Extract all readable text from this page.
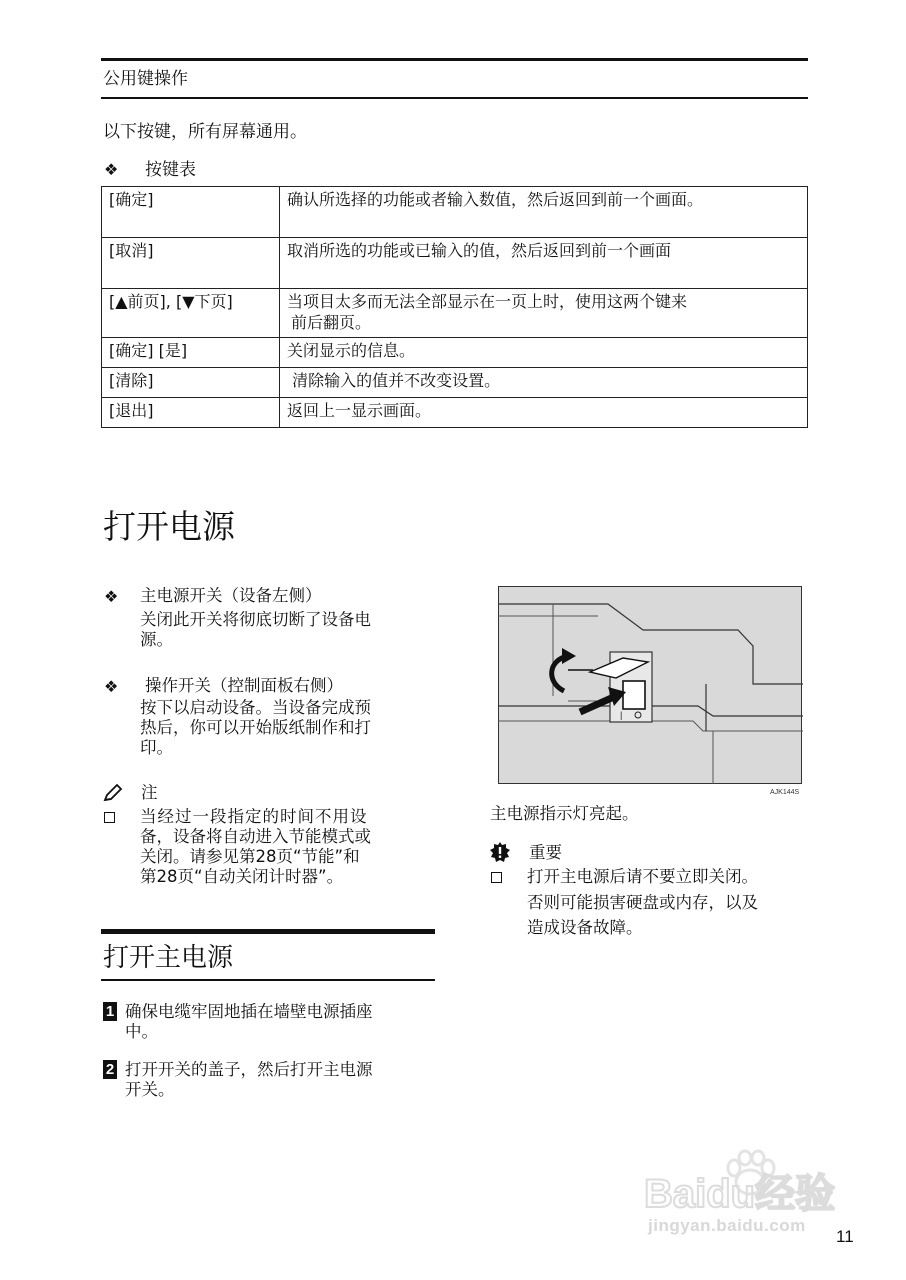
公用键操作
以下按键，所有屏幕通用。
❖ 按键表
[确定]	确认所选择的功能或者输入数值，然后返回到前一个画面。
[取消]	取消所选的功能或已输入的值，然后返回到前一个画面
[▲前页], [▼下页]	当项目太多而无法全部显示在一页上时，使用这两个键来
前后翻页。

[确定] [是]	关闭显示的信息。
[清除]	清除输入的值并不改变设置。
[退出]	返回上一显示画面。
打开电源
❖ 主电源开关（设备左侧）
关闭此开关将彻底切断了设备电
源。
❖ 操作开关（控制面板右侧）
按下以启动设备。当设备完成预
热后，你可以开始版纸制作和打
印。
注
当经过一段指定的时间不用设
备，设备将自动进入节能模式或
关闭。请参见第28页“节能”和
第28页“自动关闭计时器”。
打开主电源
1 确保电缆牢固地插在墙壁电源插座
中。
2 打开开关的盖子，然后打开主电源
开关。
|
AJK144S
主电源指示灯亮起。
重要
打开主电源后请不要立即关闭。
否则可能损害硬盘或内存，以及
造成设备故障。
Baidu经验
jingyan.baidu.com
11
